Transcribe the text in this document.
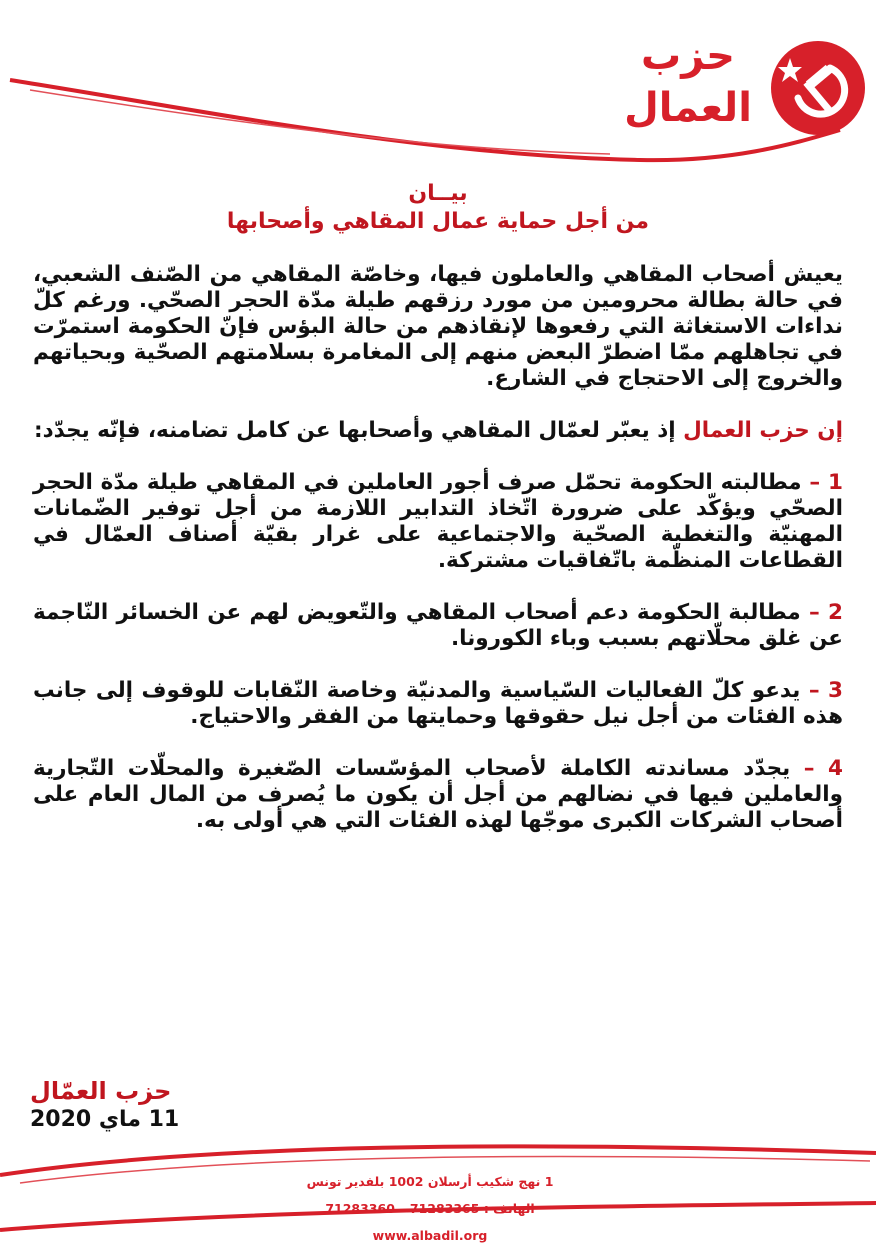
حزب
العمال
بيــان
من أجل حماية عمال المقاهي وأصحابها

يعيش أصحاب المقاهي والعاملون فيها، وخاصّة المقاهي من الصّنف الشعبي، في حالة بطالة محرومين من مورد رزقهم طيلة مدّة الحجر الصحّي. ورغم كلّ نداءات الاستغاثة التي رفعوها لإنقاذهم من حالة البؤس فإنّ الحكومة استمرّت في تجاهلهم ممّا اضطرّ البعض منهم إلى المغامرة بسلامتهم الصحّية وبحياتهم والخروج إلى الاحتجاج في الشارع.

إن حزب العمال إذ يعبّر لعمّال المقاهي وأصحابها عن كامل تضامنه، فإنّه يجدّد:

1 – مطالبته الحكومة تحمّل صرف أجور العاملين في المقاهي طيلة مدّة الحجر الصحّي ويؤكّد على ضرورة اتّخاذ التدابير اللازمة من أجل توفير الضّمانات المهنيّة والتغطية الصحّية والاجتماعية على غرار بقيّة أصناف العمّال في القطاعات المنظّمة باتّفاقيات مشتركة.

2 – مطالبة الحكومة دعم أصحاب المقاهي والتّعويض لهم عن الخسائر النّاجمة عن غلق محلّاتهم بسبب وباء الكورونا.

3 – يدعو كلّ الفعاليات السّياسية والمدنيّة وخاصة النّقابات للوقوف إلى جانب هذه الفئات من أجل نيل حقوقها وحمايتها من الفقر والاحتياج.

4 – يجدّد مساندته الكاملة لأصحاب المؤسّسات الصّغيرة والمحلّات التّجارية والعاملين فيها في نضالهم من أجل أن يكون ما يُصرف من المال العام على أصحاب الشركات الكبرى موجّها لهذه الفئات التي هي أولى به.

حزب العمّال
11 ماي 2020
1 نهج شكيب أرسلان 1002 بلفدير تونس
الهاتف : 71283365 – 71283360
www.albadil.org
